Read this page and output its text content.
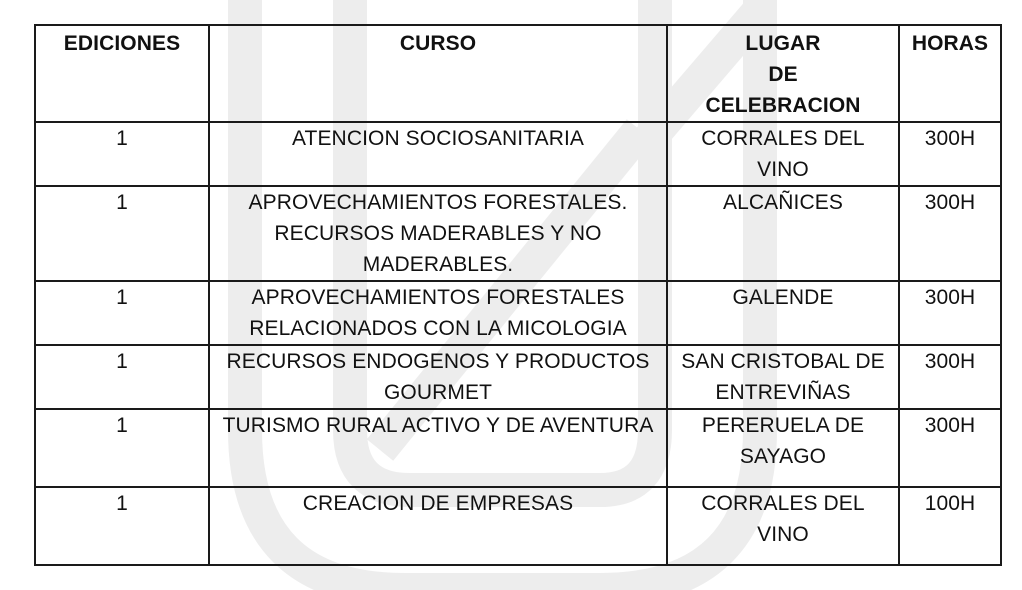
EDICIONES	CURSO	LUGAR
DE
CELEBRACION	HORAS

1	ATENCION SOCIOSANITARIA	CORRALES DEL
VINO	300H

1	APROVECHAMIENTOS FORESTALES.
RECURSOS MADERABLES Y NO
MADERABLES.	ALCAÑICES	300H

1	APROVECHAMIENTOS FORESTALES
RELACIONADOS CON LA MICOLOGIA	GALENDE	300H

1	RECURSOS ENDOGENOS Y PRODUCTOS
GOURMET	SAN CRISTOBAL DE
ENTREVIÑAS	300H

1	TURISMO RURAL ACTIVO Y DE AVENTURA	PERERUELA DE
SAYAGO	300H

1	CREACION DE EMPRESAS	CORRALES DEL
VINO	100H
